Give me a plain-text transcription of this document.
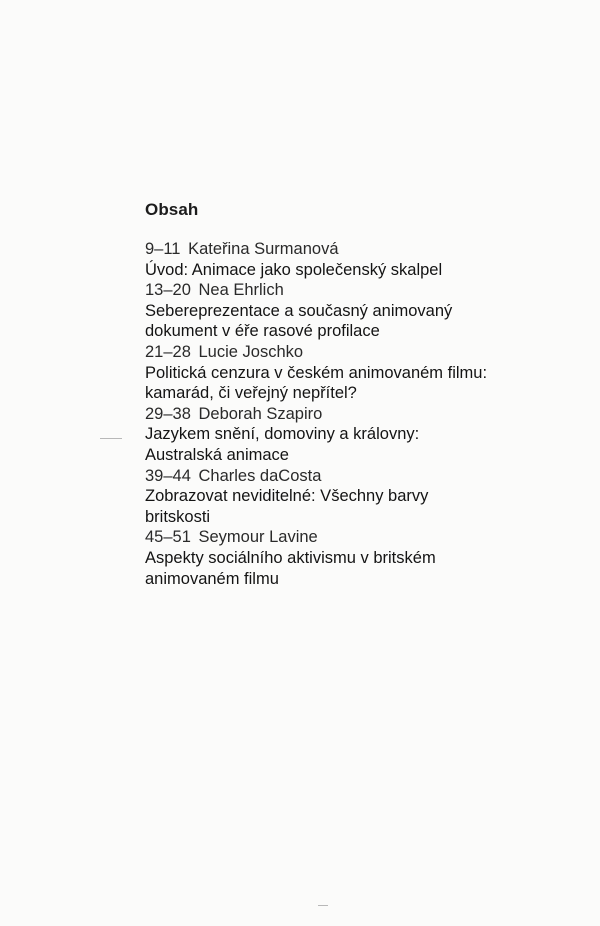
Obsah
9–11 Kateřina Surmanová
Úvod: Animace jako společenský skalpel
13–20 Nea Ehrlich
Sebereprezentace a současný animovaný
dokument v éře rasové profilace
21–28 Lucie Joschko
Politická cenzura v českém animovaném filmu:
kamarád, či veřejný nepřítel?
29–38 Deborah Szapiro
Jazykem snění, domoviny a královny:
Australská animace
39–44 Charles daCosta
Zobrazovat neviditelné: Všechny barvy
britskosti
45–51 Seymour Lavine
Aspekty sociálního aktivismu v britském
animovaném filmu
